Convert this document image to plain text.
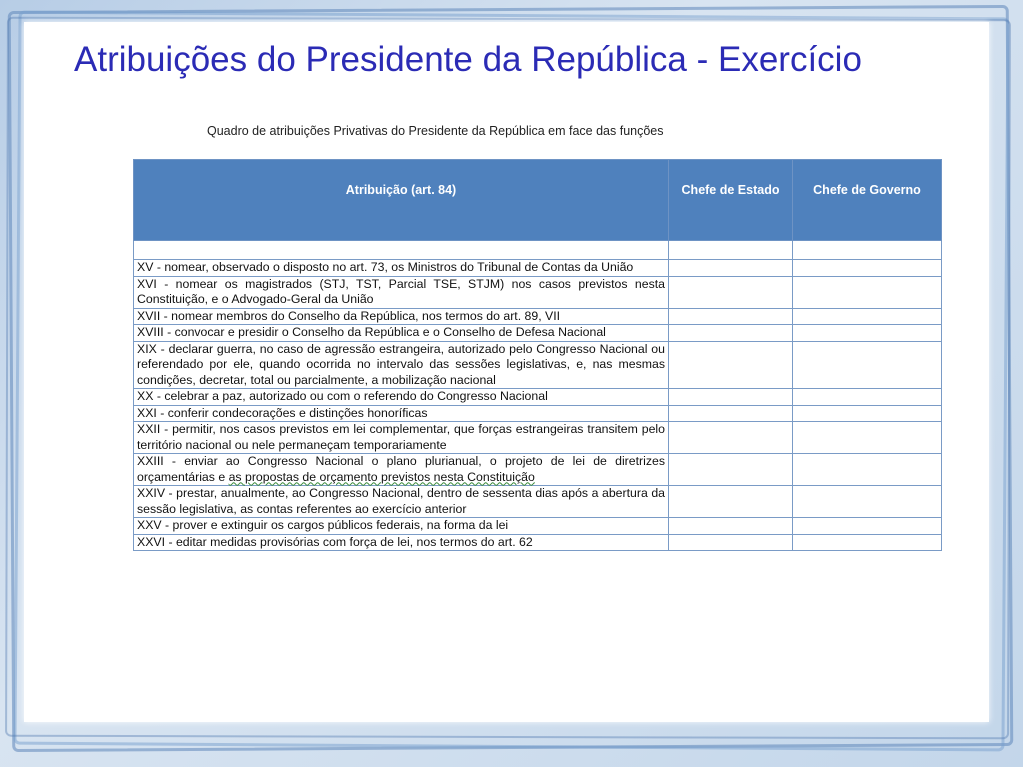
Atribuições do Presidente da República - Exercício
Quadro de atribuições Privativas do Presidente da República em face das funções
Atribuição (art. 84)	Chefe de Estado	Chefe de Governo

XV - nomear, observado o disposto no art. 73, os Ministros do Tribunal de Contas da União		
XVI - nomear os magistrados (STJ, TST, Parcial TSE, STJM) nos casos previstos nesta Constituição, e o Advogado-Geral da União		
XVII - nomear membros do Conselho da República, nos termos do art. 89, VII		
XVIII - convocar e presidir o Conselho da República e o Conselho de Defesa Nacional		
XIX - declarar guerra, no caso de agressão estrangeira, autorizado pelo Congresso Nacional ou referendado por ele, quando ocorrida no intervalo das sessões legislativas, e, nas mesmas condições, decretar, total ou parcialmente, a mobilização nacional		
XX - celebrar a paz, autorizado ou com o referendo do Congresso Nacional		
XXI - conferir condecorações e distinções honoríficas		
XXII - permitir, nos casos previstos em lei complementar, que forças estrangeiras transitem pelo território nacional ou nele permaneçam temporariamente		
XXIII - enviar ao Congresso Nacional o plano plurianual, o projeto de lei de diretrizes orçamentárias e as propostas de orçamento previstos nesta Constituição		
XXIV - prestar, anualmente, ao Congresso Nacional, dentro de sessenta dias após a abertura da sessão legislativa, as contas referentes ao exercício anterior		
XXV - prover e extinguir os cargos públicos federais, na forma da lei		
XXVI - editar medidas provisórias com força de lei, nos termos do art. 62		
